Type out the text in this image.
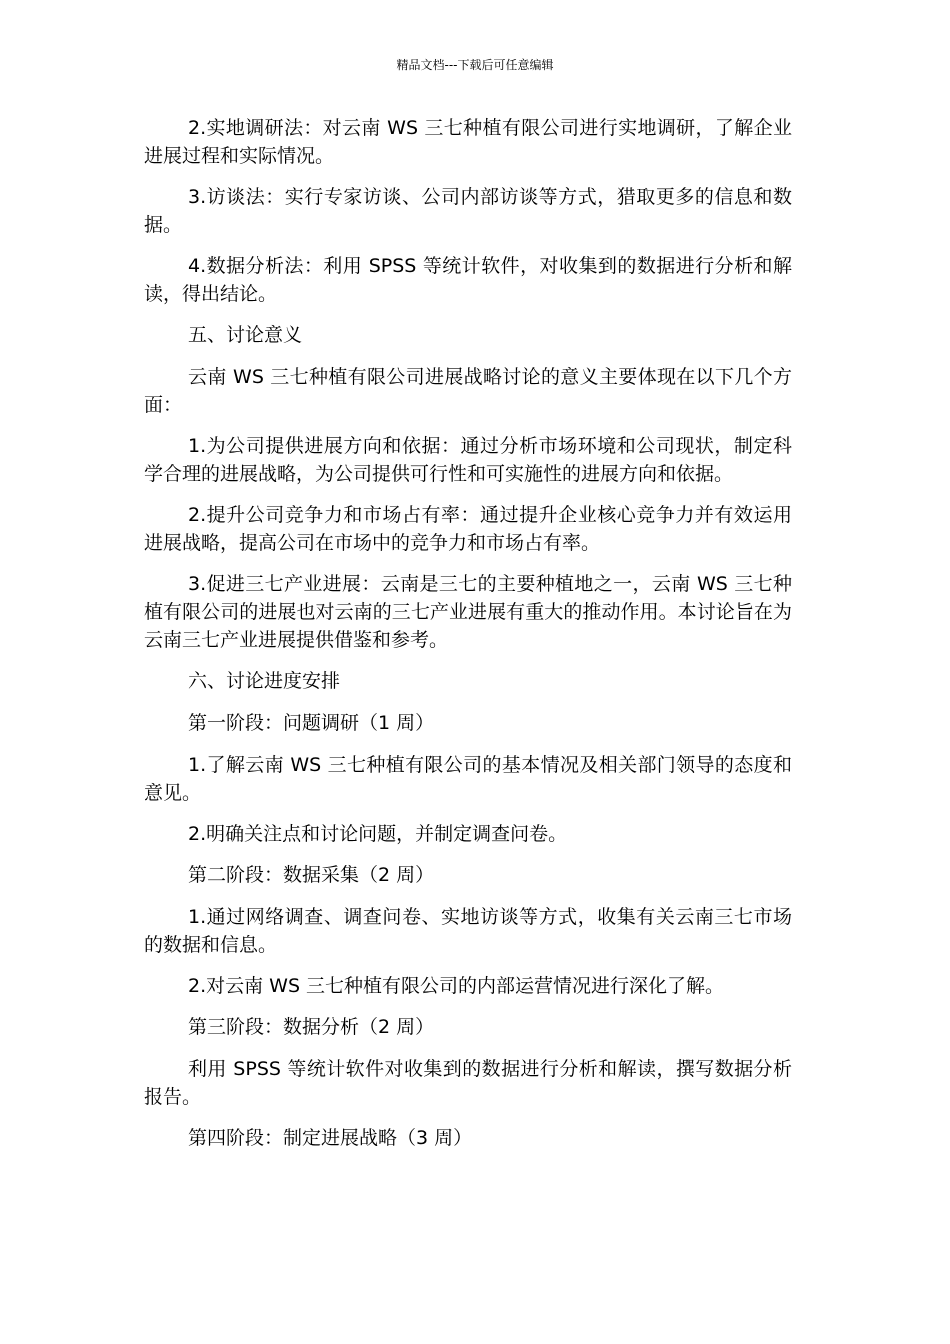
精品文档---下载后可任意编辑

2.实地调研法：对云南 WS 三七种植有限公司进行实地调研，了解企业进展过程和实际情况。

3.访谈法：实行专家访谈、公司内部访谈等方式，猎取更多的信息和数据。

4.数据分析法：利用 SPSS 等统计软件，对收集到的数据进行分析和解读，得出结论。

五、讨论意义

云南 WS 三七种植有限公司进展战略讨论的意义主要体现在以下几个方面：

1.为公司提供进展方向和依据：通过分析市场环境和公司现状，制定科学合理的进展战略，为公司提供可行性和可实施性的进展方向和依据。

2.提升公司竞争力和市场占有率：通过提升企业核心竞争力并有效运用进展战略，提高公司在市场中的竞争力和市场占有率。

3.促进三七产业进展：云南是三七的主要种植地之一，云南 WS 三七种植有限公司的进展也对云南的三七产业进展有重大的推动作用。本讨论旨在为云南三七产业进展提供借鉴和参考。

六、讨论进度安排

第一阶段：问题调研（1 周）

1.了解云南 WS 三七种植有限公司的基本情况及相关部门领导的态度和意见。

2.明确关注点和讨论问题，并制定调查问卷。

第二阶段：数据采集（2 周）

1.通过网络调查、调查问卷、实地访谈等方式，收集有关云南三七市场的数据和信息。

2.对云南 WS 三七种植有限公司的内部运营情况进行深化了解。

第三阶段：数据分析（2 周）

利用 SPSS 等统计软件对收集到的数据进行分析和解读，撰写数据分析报告。

第四阶段：制定进展战略（3 周）
